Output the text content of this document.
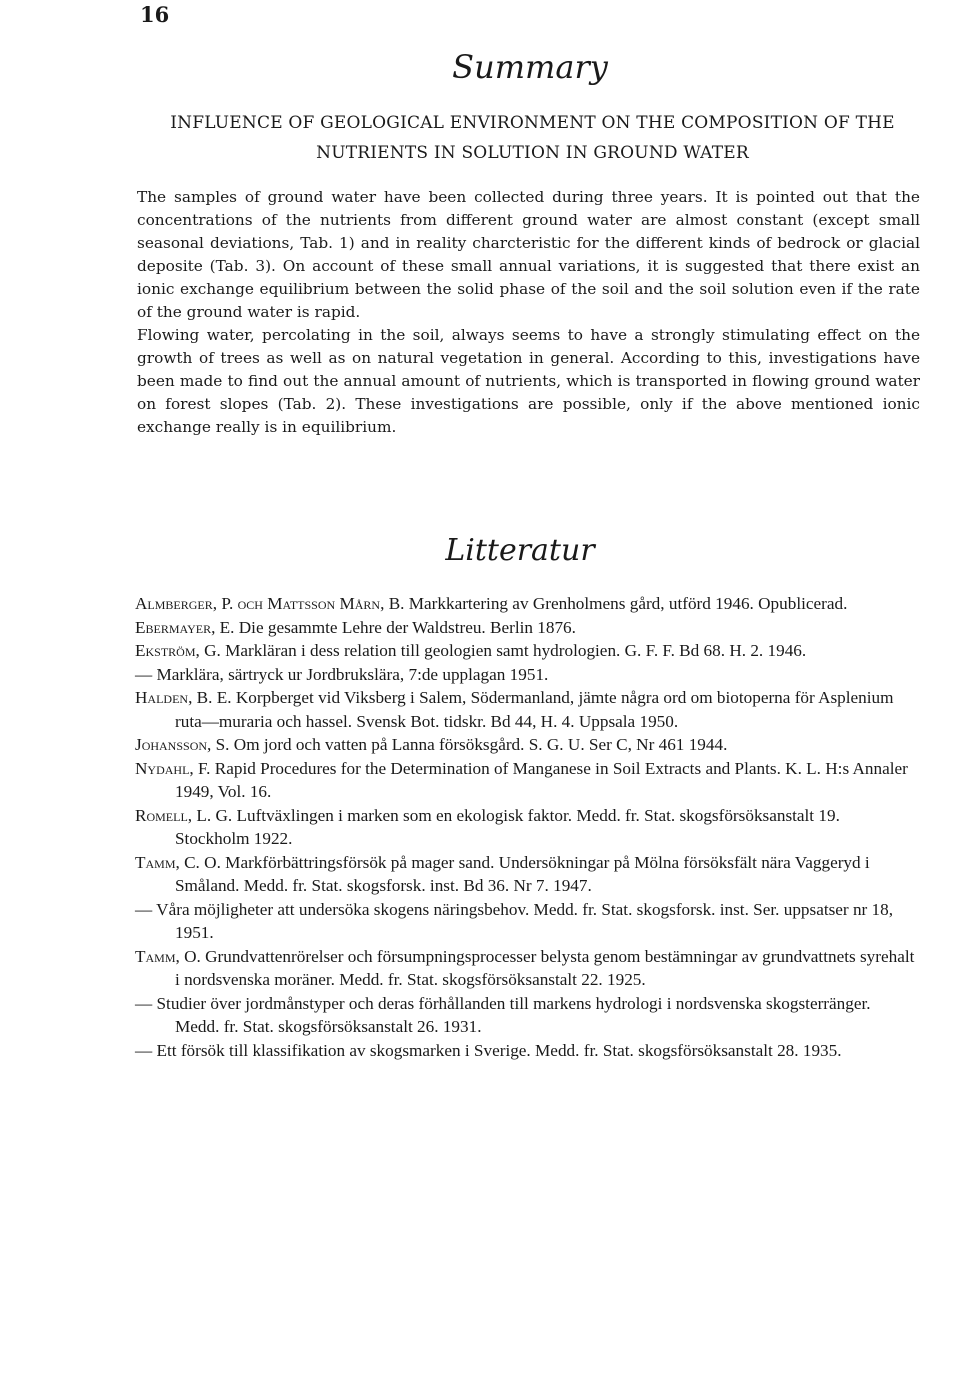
16
Summary
INFLUENCE OF GEOLOGICAL ENVIRONMENT ON THE COMPOSITION OF THE NUTRIENTS IN SOLUTION IN GROUND WATER

The samples of ground water have been collected during three years. It is pointed out that the concentrations of the nutrients from different ground water are almost constant (except small seasonal deviations, Tab. 1) and in reality charcteristic for the different kinds of bedrock or glacial deposite (Tab. 3). On account of these small annual variations, it is suggested that there exist an ionic exchange equilibrium between the solid phase of the soil and the soil solution even if the rate of the ground water is rapid.

Flowing water, percolating in the soil, always seems to have a strongly stimulating effect on the growth of trees as well as on natural vegetation in general. According to this, investigations have been made to find out the annual amount of nutrients, which is transported in flowing ground water on forest slopes (Tab. 2). These investigations are possible, only if the above mentioned ionic exchange really is in equilibrium.

Litteratur

Almberger, P. och Mattsson Mårn, B. Markkartering av Grenholmens gård, utförd 1946. Opublicerad.

Ebermayer, E. Die gesammte Lehre der Waldstreu. Berlin 1876.

Ekström, G. Markläran i dess relation till geologien samt hydrologien. G. F. F. Bd 68. H. 2. 1946.

— Marklära, särtryck ur Jordbrukslära, 7:de upplagan 1951.

Halden, B. E. Korpberget vid Viksberg i Salem, Södermanland, jämte några ord om biotoperna för Asplenium ruta—muraria och hassel. Svensk Bot. tidskr. Bd 44, H. 4. Uppsala 1950.

Johansson, S. Om jord och vatten på Lanna försöksgård. S. G. U. Ser C, Nr 461 1944.

Nydahl, F. Rapid Procedures for the Determination of Manganese in Soil Extracts and Plants. K. L. H:s Annaler 1949, Vol. 16.

Romell, L. G. Luftväxlingen i marken som en ekologisk faktor. Medd. fr. Stat. skogsförsöksanstalt 19. Stockholm 1922.

Tamm, C. O. Markförbättringsförsök på mager sand. Undersökningar på Mölna försöksfält nära Vaggeryd i Småland. Medd. fr. Stat. skogsforsk. inst. Bd 36. Nr 7. 1947.

— Våra möjligheter att undersöka skogens näringsbehov. Medd. fr. Stat. skogsforsk. inst. Ser. uppsatser nr 18, 1951.

Tamm, O. Grundvattenrörelser och försumpningsprocesser belysta genom bestämningar av grundvattnets syrehalt i nordsvenska moräner. Medd. fr. Stat. skogsförsöksanstalt 22. 1925.

— Studier över jordmånstyper och deras förhållanden till markens hydrologi i nordsvenska skogsterränger. Medd. fr. Stat. skogsförsöksanstalt 26. 1931.

— Ett försök till klassifikation av skogsmarken i Sverige. Medd. fr. Stat. skogsförsöksanstalt 28. 1935.
